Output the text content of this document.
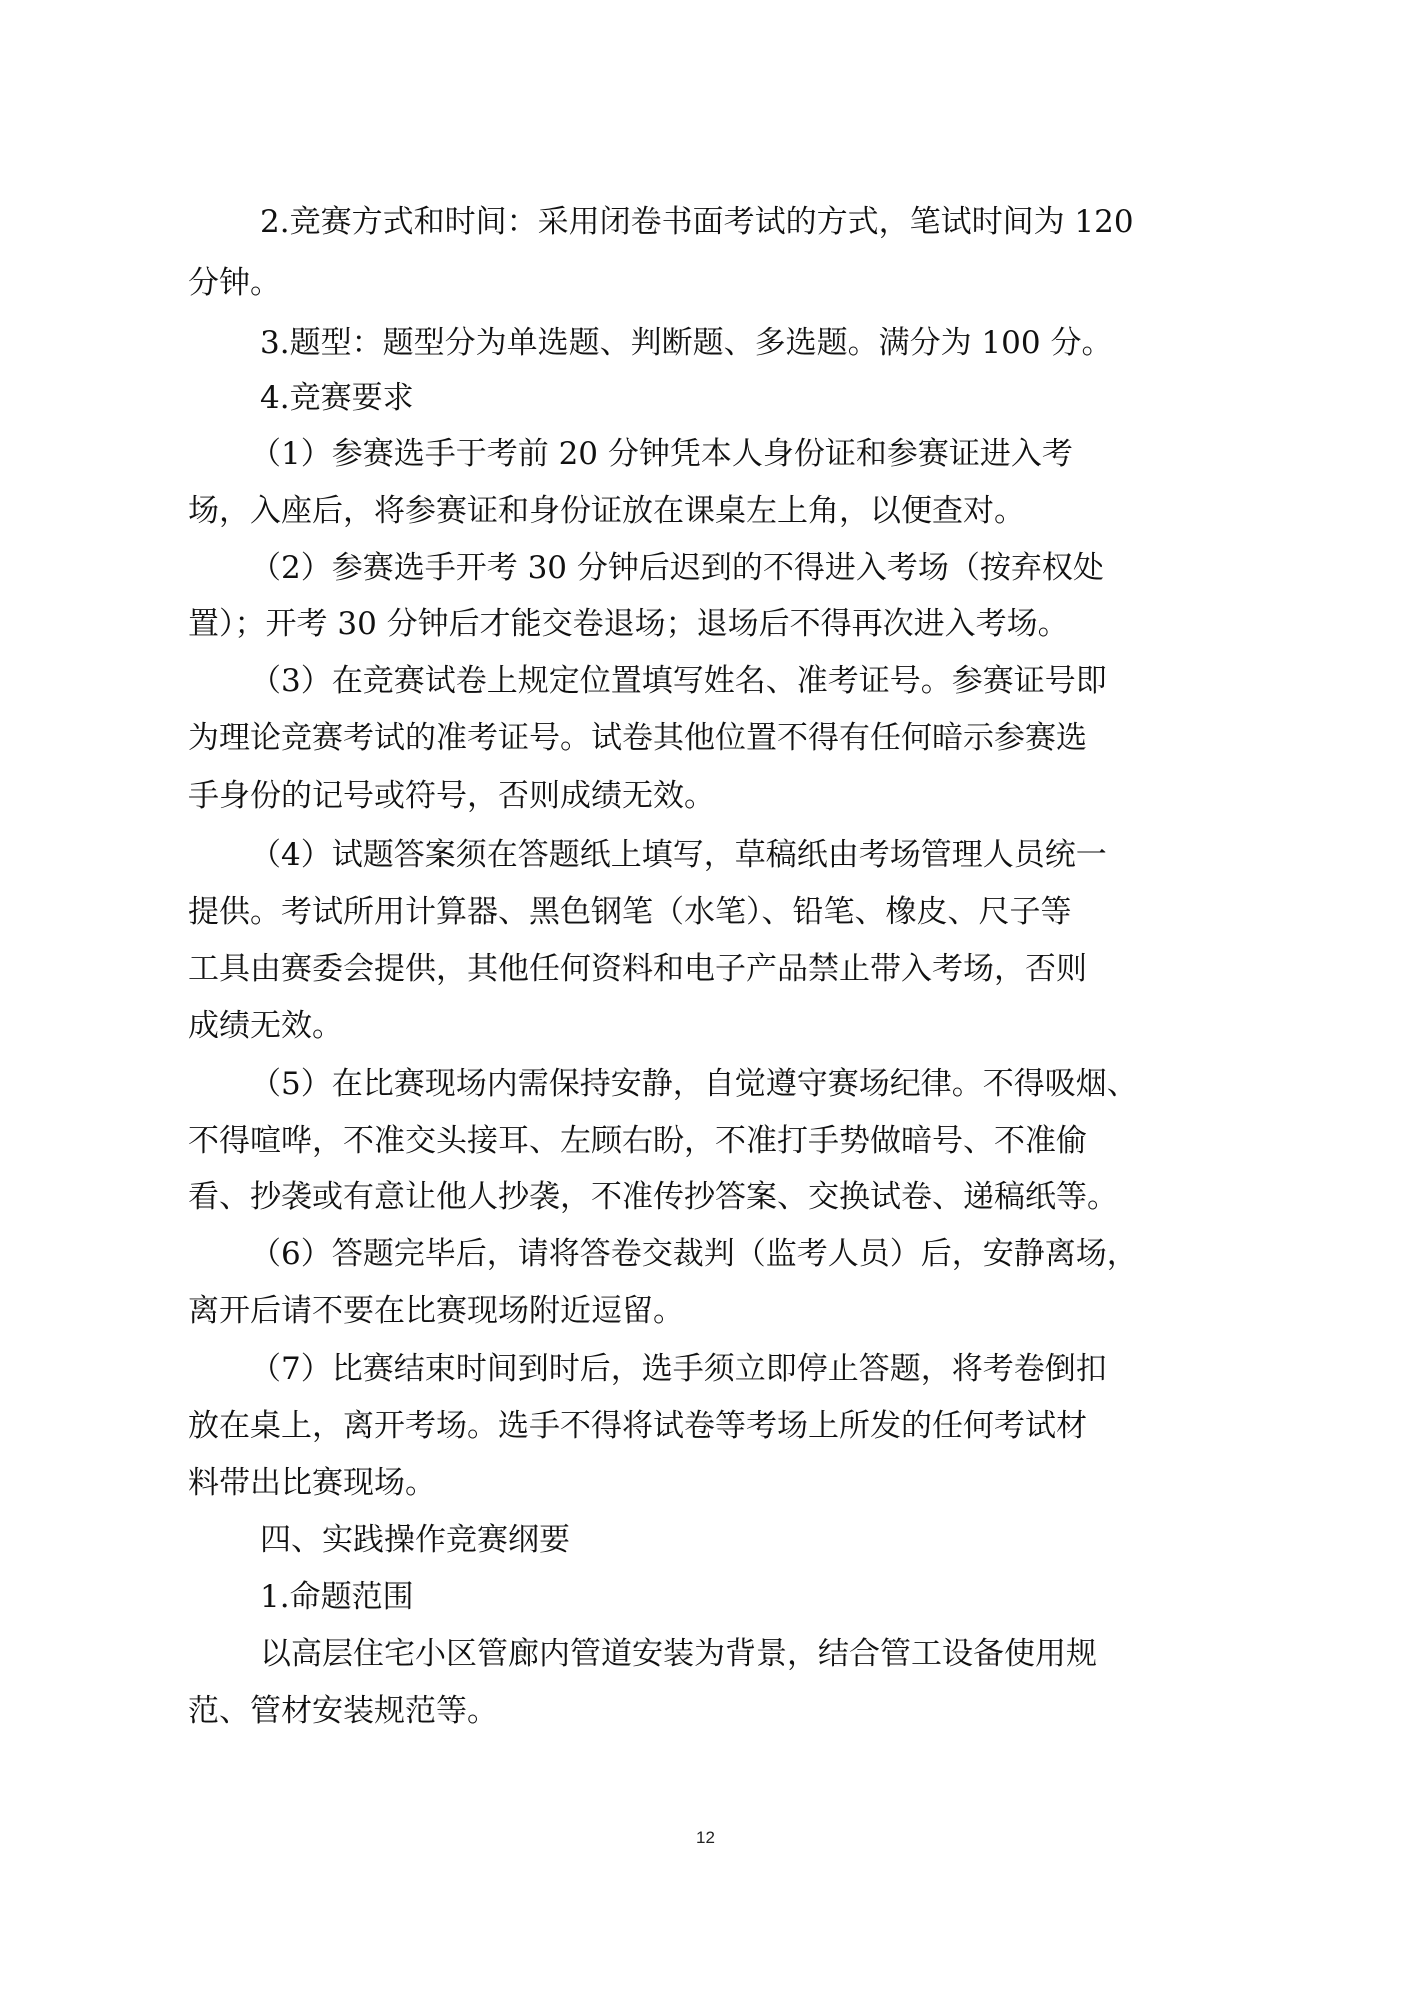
2.竞赛方式和时间：采用闭卷书面考试的方式，笔试时间为 120
分钟。
3.题型：题型分为单选题、判断题、多选题。满分为 100 分。
4.竞赛要求
（1）参赛选手于考前 20 分钟凭本人身份证和参赛证进入考
场，入座后，将参赛证和身份证放在课桌左上角，以便查对。
（2）参赛选手开考 30 分钟后迟到的不得进入考场（按弃权处
置）；开考 30 分钟后才能交卷退场；退场后不得再次进入考场。
（3）在竞赛试卷上规定位置填写姓名、准考证号。参赛证号即
为理论竞赛考试的准考证号。试卷其他位置不得有任何暗示参赛选
手身份的记号或符号，否则成绩无效。
（4）试题答案须在答题纸上填写，草稿纸由考场管理人员统一
提供。考试所用计算器、黑色钢笔（水笔）、铅笔、橡皮、尺子等
工具由赛委会提供，其他任何资料和电子产品禁止带入考场，否则
成绩无效。
（5）在比赛现场内需保持安静，自觉遵守赛场纪律。不得吸烟、
不得喧哗，不准交头接耳、左顾右盼，不准打手势做暗号、不准偷
看、抄袭或有意让他人抄袭，不准传抄答案、交换试卷、递稿纸等。
（6）答题完毕后，请将答卷交裁判（监考人员）后，安静离场，
离开后请不要在比赛现场附近逗留。
（7）比赛结束时间到时后，选手须立即停止答题，将考卷倒扣
放在桌上，离开考场。选手不得将试卷等考场上所发的任何考试材
料带出比赛现场。
四、实践操作竞赛纲要
1.命题范围
以高层住宅小区管廊内管道安装为背景，结合管工设备使用规
范、管材安装规范等。
12
